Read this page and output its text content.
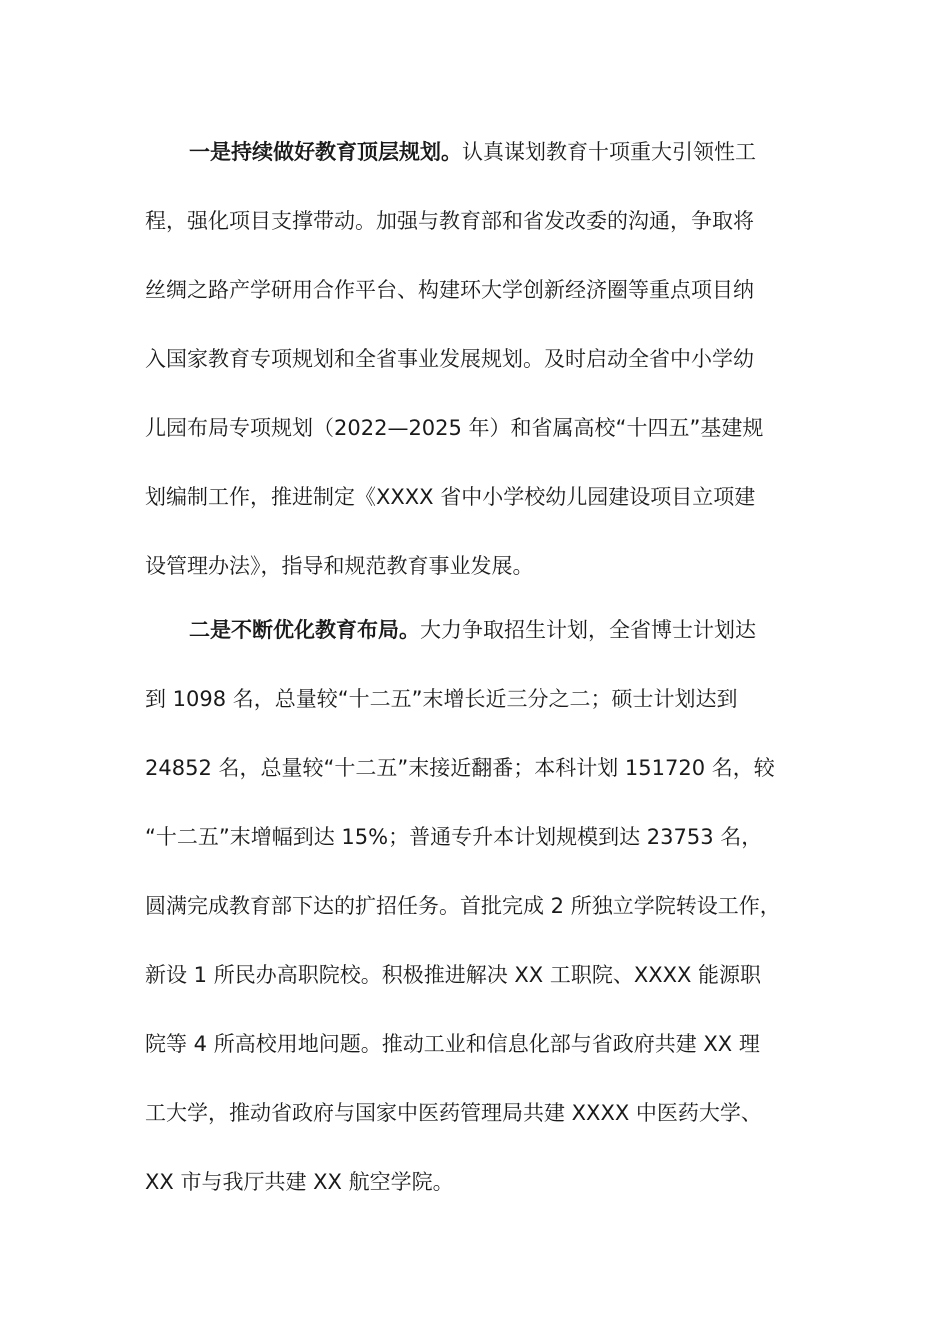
一是持续做好教育顶层规划。认真谋划教育十项重大引领性工
程，强化项目支撑带动。加强与教育部和省发改委的沟通，争取将
丝绸之路产学研用合作平台、构建环大学创新经济圈等重点项目纳
入国家教育专项规划和全省事业发展规划。及时启动全省中小学幼
儿园布局专项规划（2022—2025 年）和省属高校“十四五”基建规
划编制工作，推进制定《XXXX 省中小学校幼儿园建设项目立项建
设管理办法》，指导和规范教育事业发展。
二是不断优化教育布局。大力争取招生计划，全省博士计划达
到 1098 名，总量较“十二五”末增长近三分之二；硕士计划达到
24852 名，总量较“十二五”末接近翻番；本科计划 151720 名，较
“十二五”末增幅到达 15%；普通专升本计划规模到达 23753 名，
圆满完成教育部下达的扩招任务。首批完成 2 所独立学院转设工作，
新设 1 所民办高职院校。积极推进解决 XX 工职院、XXXX 能源职
院等 4 所高校用地问题。推动工业和信息化部与省政府共建 XX 理
工大学，推动省政府与国家中医药管理局共建 XXXX 中医药大学、
XX 市与我厅共建 XX 航空学院。
